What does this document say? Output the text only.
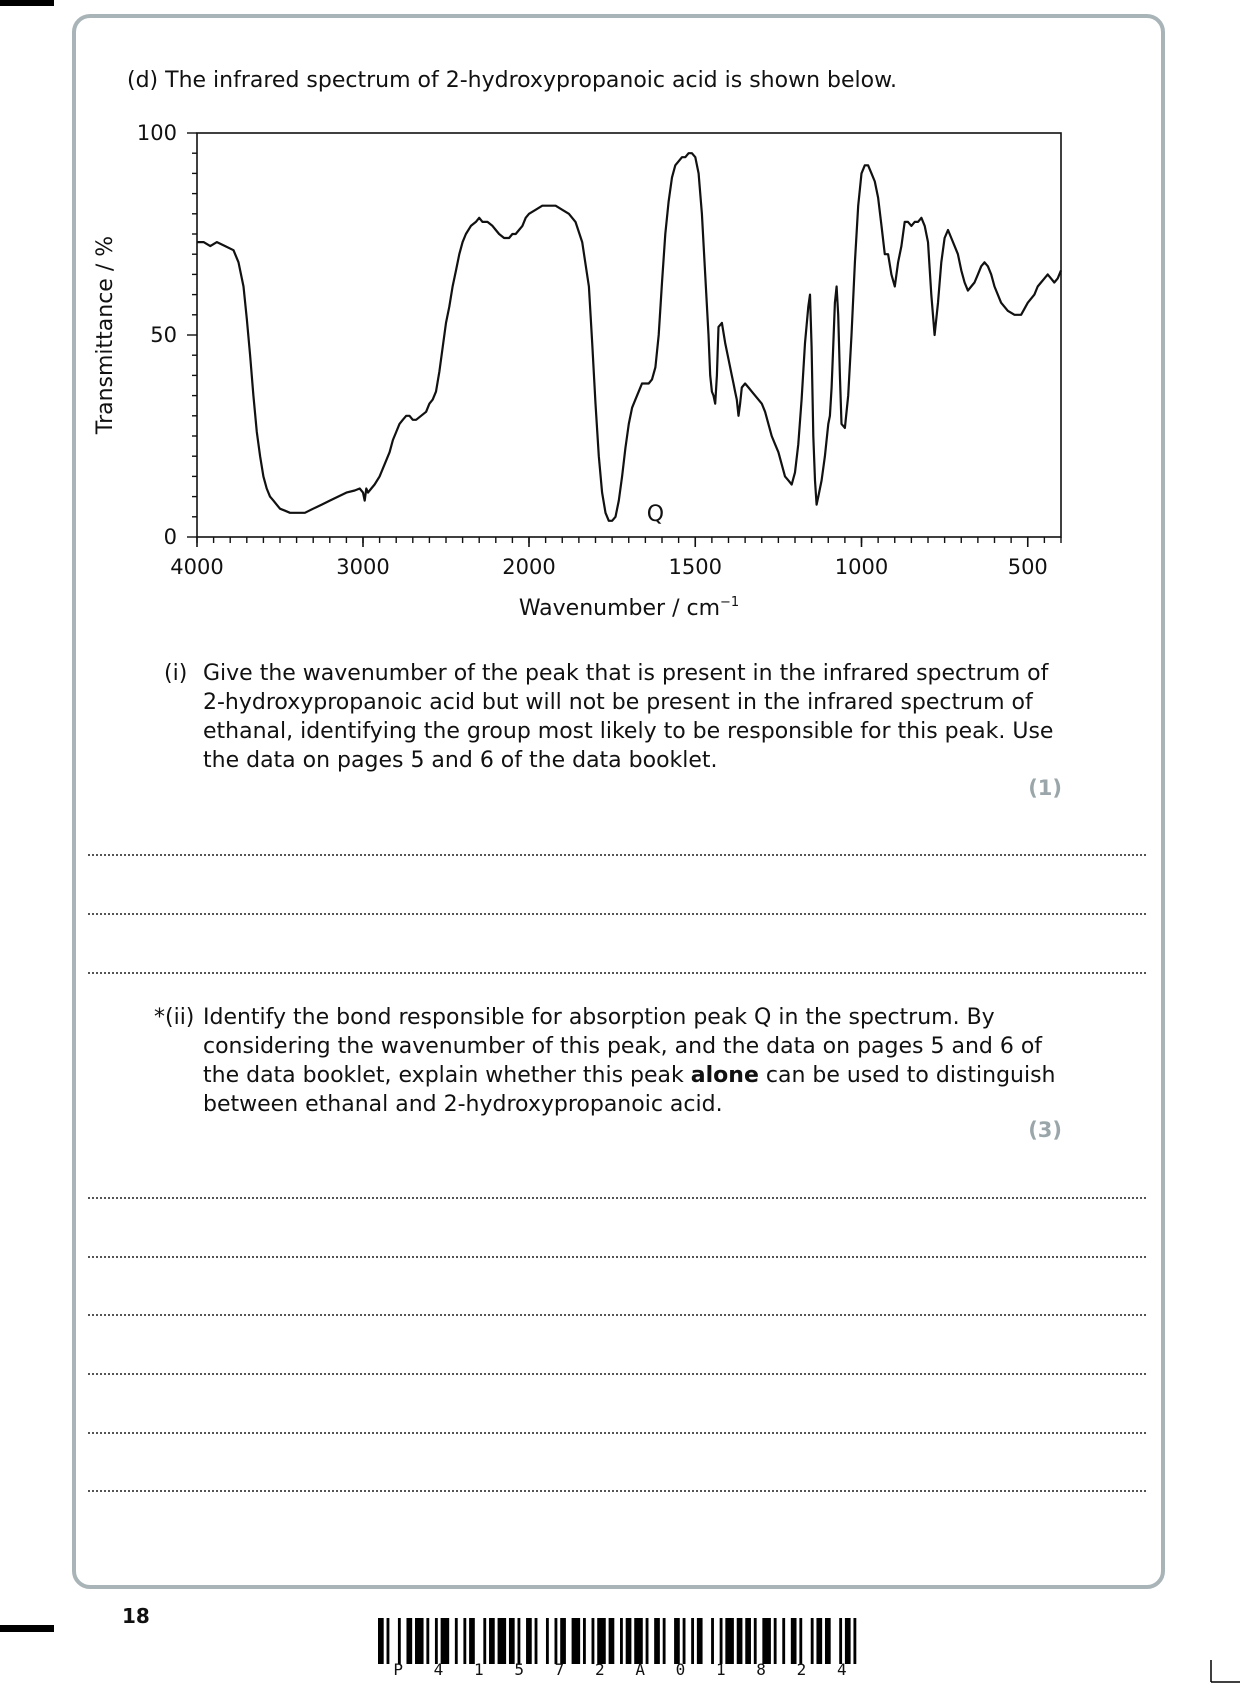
(d) The infrared spectrum of 2-hydroxypropanoic acid is shown below.
4000	3000	2000	1500	1000	500
0
50
100
Q
Wavenumber / $cm^{-1}$
Transmittance / %
(i) Give the wavenumber of the peak that is present in the infrared spectrum of
2-hydroxypropanoic acid but will not be present in the infrared spectrum of
ethanal, identifying the group most likely to be responsible for this peak. Use
the data on pages 5 and 6 of the data booklet.
(1)
*(ii) Identify the bond responsible for absorption peak Q in the spectrum. By
considering the wavenumber of this peak, and the data on pages 5 and 6 of
the data booklet, explain whether this peak alone can be used to distinguish
between ethanal and 2-hydroxypropanoic acid.
(3)
18
P 4 1 5 7 2 A 0 1 8 2 4
